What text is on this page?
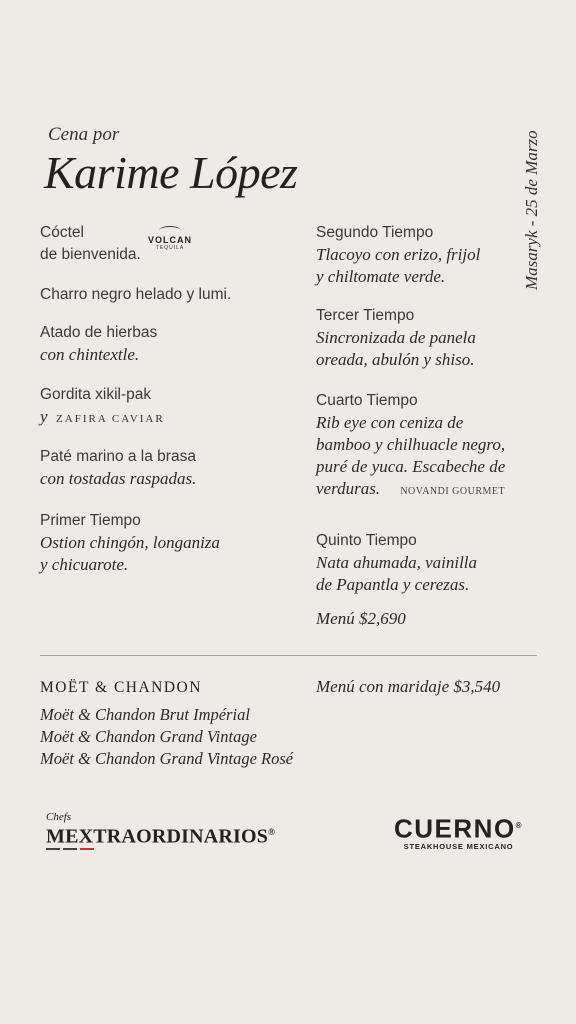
Cena por
Karime López	Masaryk - 25 de Marzo
Cóctel
de bienvenida.
VOLCAN
TEQUILA
Charro negro helado y lumi.
Atado de hierbas
con chintextle.
Gordita xikil-pak
y ZAFIRA CAVIAR
Paté marino a la brasa
con tostadas raspadas.
Primer Tiempo
Ostion chingón, longaniza
y chicuarote.
Segundo Tiempo
Tlacoyo con erizo, frijol
y chiltomate verde.
Tercer Tiempo
Sincronizada de panela
oreada, abulón y shiso.
Cuarto Tiempo
Rib eye con ceniza de
bamboo y chilhuacle negro,
puré de yuca. Escabeche de
verduras. NOVANDI GOURMET
Quinto Tiempo
Nata ahumada, vainilla
de Papantla y cerezas.
Menú $2,690
MOËT & CHANDON	Menú con maridaje $3,540
Moët & Chandon Brut Impérial
Moët & Chandon Grand Vintage
Moët & Chandon Grand Vintage Rosé
Chefs
MEXTRAORDINARIOS®	CUERNO®
STEAKHOUSE MEXICANO
